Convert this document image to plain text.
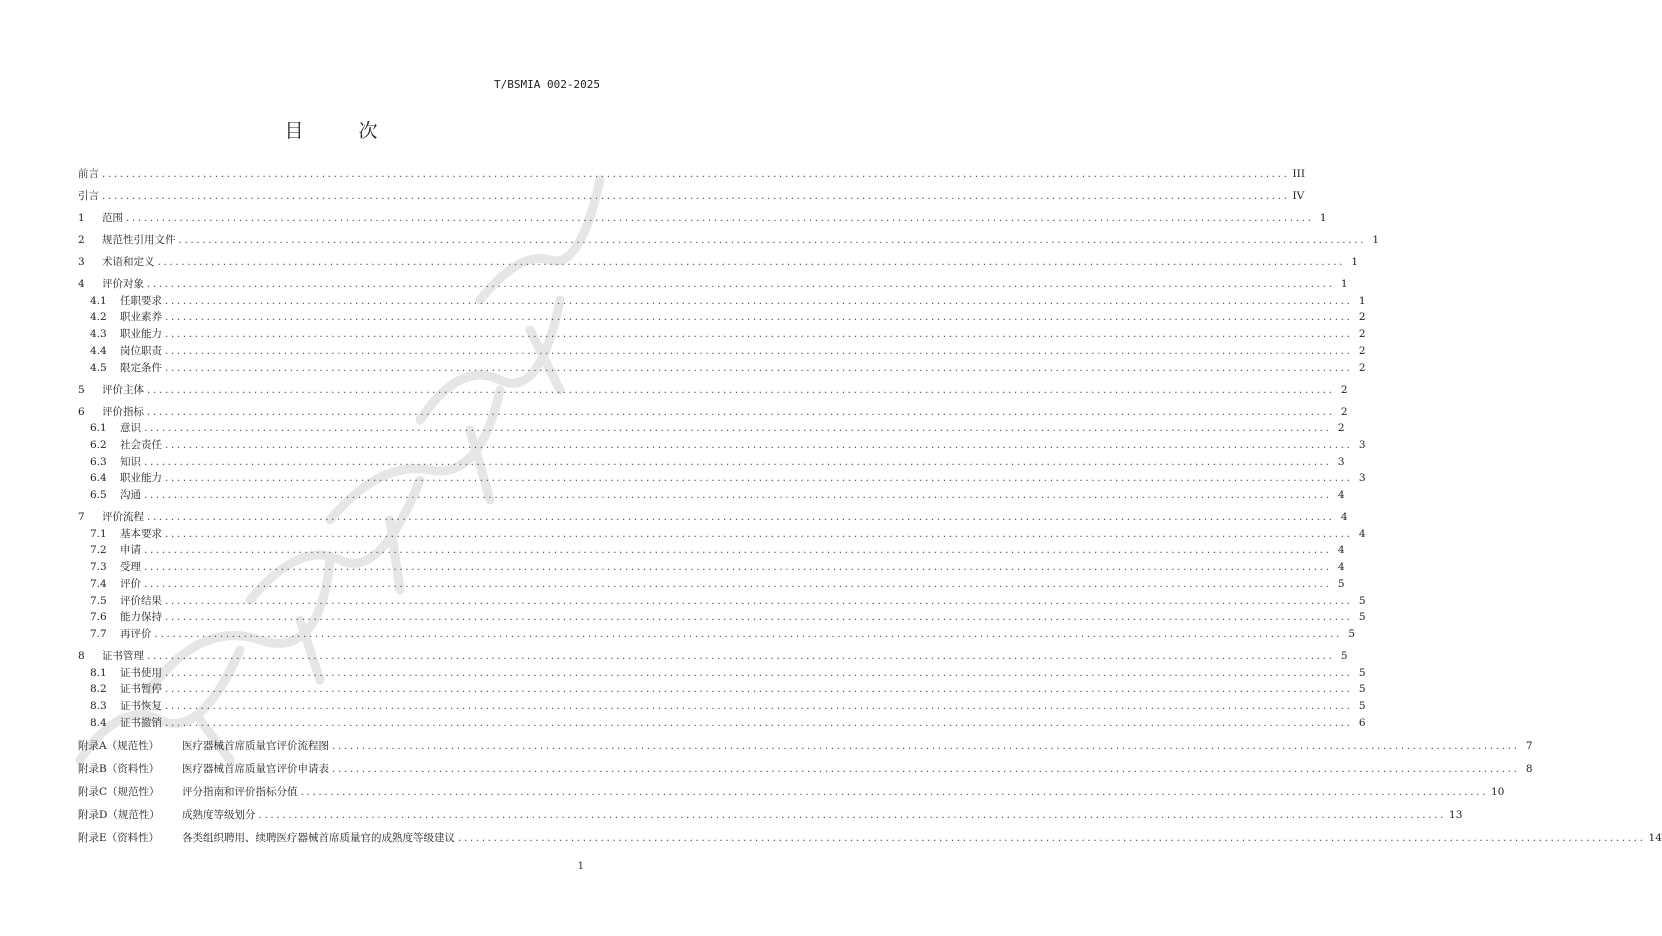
T/BSMIA 002-2025
目　次
前言 ........................................................................................................................................................................................................ III
引言 ........................................................................................................................................................................................................ IV
1	范围 ........................................................................................................................................................................................................ 1
2	规范性引用文件 ........................................................................................................................................................................................................ 1
3	术语和定义 ........................................................................................................................................................................................................ 1
4	评价对象 ........................................................................................................................................................................................................ 1
4.1	任职要求 ........................................................................................................................................................................................................ 1
4.2	职业素养 ........................................................................................................................................................................................................ 2
4.3	职业能力 ........................................................................................................................................................................................................ 2
4.4	岗位职责 ........................................................................................................................................................................................................ 2
4.5	限定条件 ........................................................................................................................................................................................................ 2
5	评价主体 ........................................................................................................................................................................................................ 2
6	评价指标 ........................................................................................................................................................................................................ 2
6.1	意识 ........................................................................................................................................................................................................ 2
6.2	社会责任 ........................................................................................................................................................................................................ 3
6.3	知识 ........................................................................................................................................................................................................ 3
6.4	职业能力 ........................................................................................................................................................................................................ 3
6.5	沟通 ........................................................................................................................................................................................................ 4
7	评价流程 ........................................................................................................................................................................................................ 4
7.1	基本要求 ........................................................................................................................................................................................................ 4
7.2	申请 ........................................................................................................................................................................................................ 4
7.3	受理 ........................................................................................................................................................................................................ 4
7.4	评价 ........................................................................................................................................................................................................ 5
7.5	评价结果 ........................................................................................................................................................................................................ 5
7.6	能力保持 ........................................................................................................................................................................................................ 5
7.7	再评价 ........................................................................................................................................................................................................ 5
8	证书管理 ........................................................................................................................................................................................................ 5
8.1	证书使用 ........................................................................................................................................................................................................ 5
8.2	证书暂停 ........................................................................................................................................................................................................ 5
8.3	证书恢复 ........................................................................................................................................................................................................ 5
8.4	证书撤销 ........................................................................................................................................................................................................ 6
附录A（规范性）	医疗器械首席质量官评价流程图 ........................................................................................................................................................................................................ 7
附录B（资料性）	医疗器械首席质量官评价申请表 ........................................................................................................................................................................................................ 8
附录C（规范性）	评分指南和评价指标分值 ........................................................................................................................................................................................................ 10
附录D（规范性）	成熟度等级划分 ........................................................................................................................................................................................................ 13
附录E（资料性）	各类组织聘用、续聘医疗器械首席质量官的成熟度等级建议 ........................................................................................................................................................................................................ 14
1
